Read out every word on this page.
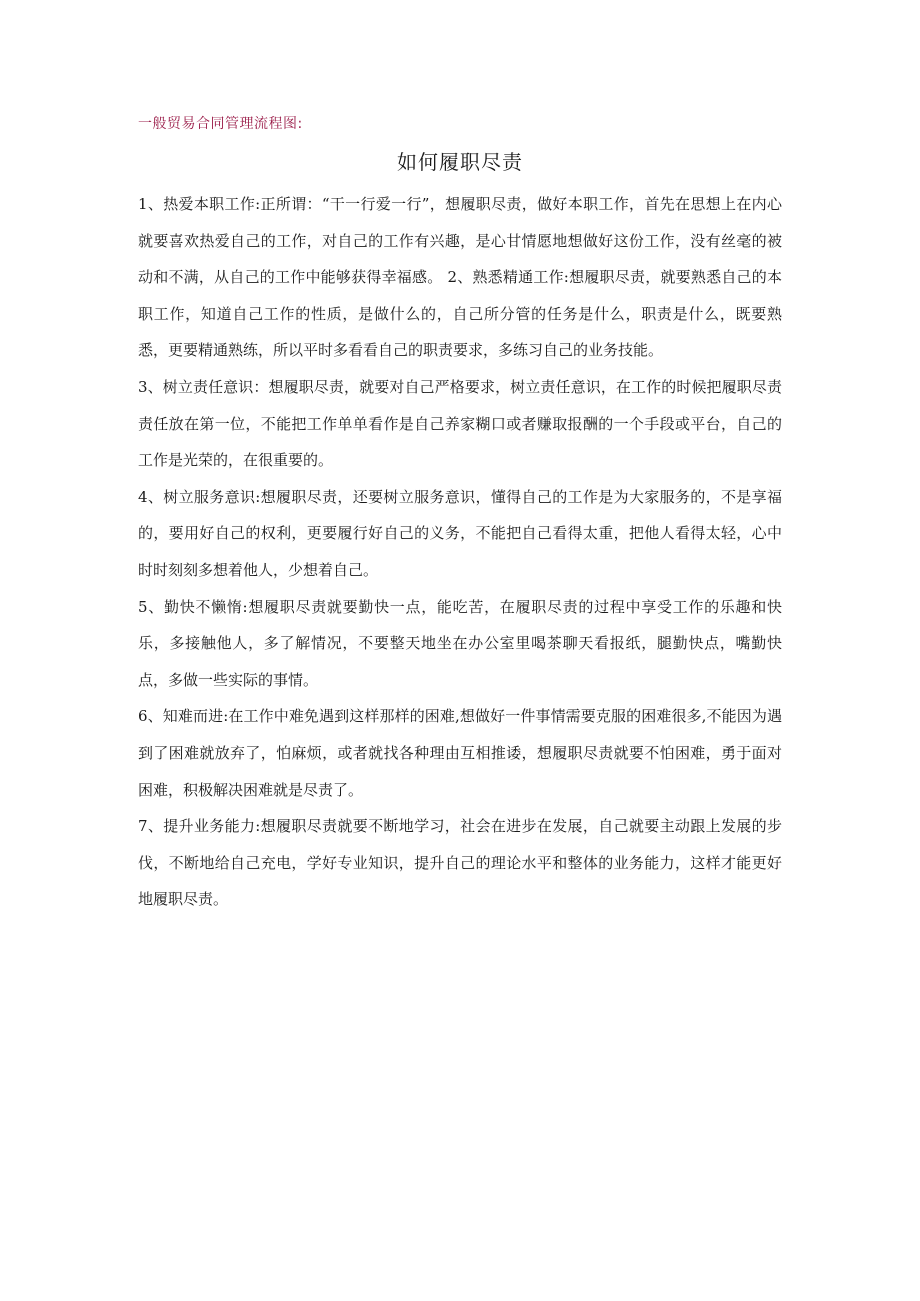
一般贸易合同管理流程图:
如何履职尽责

1、热爱本职工作:正所谓：“干一行爱一行”，想履职尽责，做好本职工作，首先在思想上在内心就要喜欢热爱自己的工作，对自己的工作有兴趣，是心甘情愿地想做好这份工作，没有丝毫的被动和不满，从自己的工作中能够获得幸福感。 2、熟悉精通工作:想履职尽责，就要熟悉自己的本职工作，知道自己工作的性质，是做什么的，自己所分管的任务是什么，职责是什么，既要熟悉，更要精通熟练，所以平时多看看自己的职责要求，多练习自己的业务技能。

3、树立责任意识：想履职尽责，就要对自己严格要求，树立责任意识，在工作的时候把履职尽责责任放在第一位，不能把工作单单看作是自己养家糊口或者赚取报酬的一个手段或平台，自己的工作是光荣的，在很重要的。

4、树立服务意识:想履职尽责，还要树立服务意识，懂得自己的工作是为大家服务的，不是享福的，要用好自己的权利，更要履行好自己的义务，不能把自己看得太重，把他人看得太轻，心中时时刻刻多想着他人，少想着自己。

5、勤快不懒惰:想履职尽责就要勤快一点，能吃苦，在履职尽责的过程中享受工作的乐趣和快乐，多接触他人，多了解情况，不要整天地坐在办公室里喝茶聊天看报纸，腿勤快点，嘴勤快点，多做一些实际的事情。

6、知难而进:在工作中难免遇到这样那样的困难,想做好一件事情需要克服的困难很多,不能因为遇到了困难就放弃了，怕麻烦，或者就找各种理由互相推诿，想履职尽责就要不怕困难，勇于面对困难，积极解决困难就是尽责了。

7、提升业务能力:想履职尽责就要不断地学习，社会在进步在发展，自己就要主动跟上发展的步伐，不断地给自己充电，学好专业知识，提升自己的理论水平和整体的业务能力，这样才能更好地履职尽责。
